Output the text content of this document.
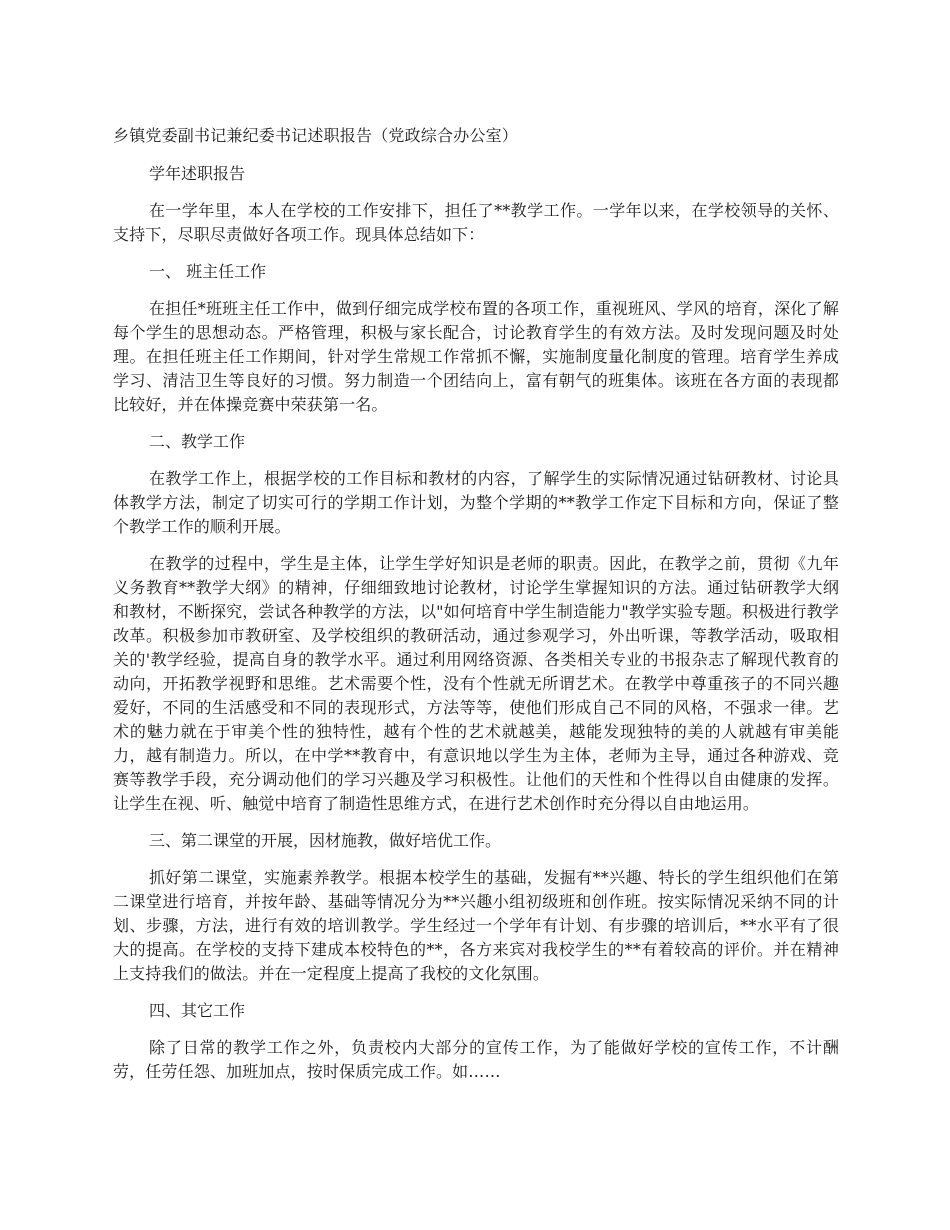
乡镇党委副书记兼纪委书记述职报告（党政综合办公室）

学年述职报告

在一学年里，本人在学校的工作安排下，担任了**教学工作。一学年以来，在学校领导的关怀、支持下，尽职尽责做好各项工作。现具体总结如下：

一、 班主任工作

在担任*班班主任工作中，做到仔细完成学校布置的各项工作，重视班风、学风的培育，深化了解每个学生的思想动态。严格管理，积极与家长配合，讨论教育学生的有效方法。及时发现问题及时处理。在担任班主任工作期间，针对学生常规工作常抓不懈，实施制度量化制度的管理。培育学生养成学习、清洁卫生等良好的习惯。努力制造一个团结向上，富有朝气的班集体。该班在各方面的表现都比较好，并在体操竞赛中荣获第一名。

二、教学工作

在教学工作上，根据学校的工作目标和教材的内容，了解学生的实际情况通过钻研教材、讨论具体教学方法，制定了切实可行的学期工作计划，为整个学期的**教学工作定下目标和方向，保证了整个教学工作的顺利开展。

在教学的过程中，学生是主体，让学生学好知识是老师的职责。因此，在教学之前，贯彻《九年义务教育**教学大纲》的精神，仔细细致地讨论教材，讨论学生掌握知识的方法。通过钻研教学大纲和教材，不断探究，尝试各种教学的方法，以"如何培育中学生制造能力"教学实验专题。积极进行教学改革。积极参加市教研室、及学校组织的教研活动，通过参观学习，外出听课，等教学活动，吸取相关的'教学经验，提高自身的教学水平。通过利用网络资源、各类相关专业的书报杂志了解现代教育的动向，开拓教学视野和思维。艺术需要个性，没有个性就无所谓艺术。在教学中尊重孩子的不同兴趣爱好，不同的生活感受和不同的表现形式，方法等等，使他们形成自己不同的风格，不强求一律。艺术的魅力就在于审美个性的独特性，越有个性的艺术就越美，越能发现独特的美的人就越有审美能力，越有制造力。所以，在中学**教育中，有意识地以学生为主体，老师为主导，通过各种游戏、竞赛等教学手段，充分调动他们的学习兴趣及学习积极性。让他们的天性和个性得以自由健康的发挥。让学生在视、听、触觉中培育了制造性思维方式，在进行艺术创作时充分得以自由地运用。

三、第二课堂的开展，因材施教，做好培优工作。

抓好第二课堂，实施素养教学。根据本校学生的基础，发掘有**兴趣、特长的学生组织他们在第二课堂进行培育，并按年龄、基础等情况分为**兴趣小组初级班和创作班。按实际情况采纳不同的计划、步骤，方法，进行有效的培训教学。学生经过一个学年有计划、有步骤的培训后，**水平有了很大的提高。在学校的支持下建成本校特色的**，各方来宾对我校学生的**有着较高的评价。并在精神上支持我们的做法。并在一定程度上提高了我校的文化氛围。

四、其它工作

除了日常的教学工作之外，负责校内大部分的宣传工作，为了能做好学校的宣传工作，不计酬劳，任劳任怨、加班加点，按时保质完成工作。如……
